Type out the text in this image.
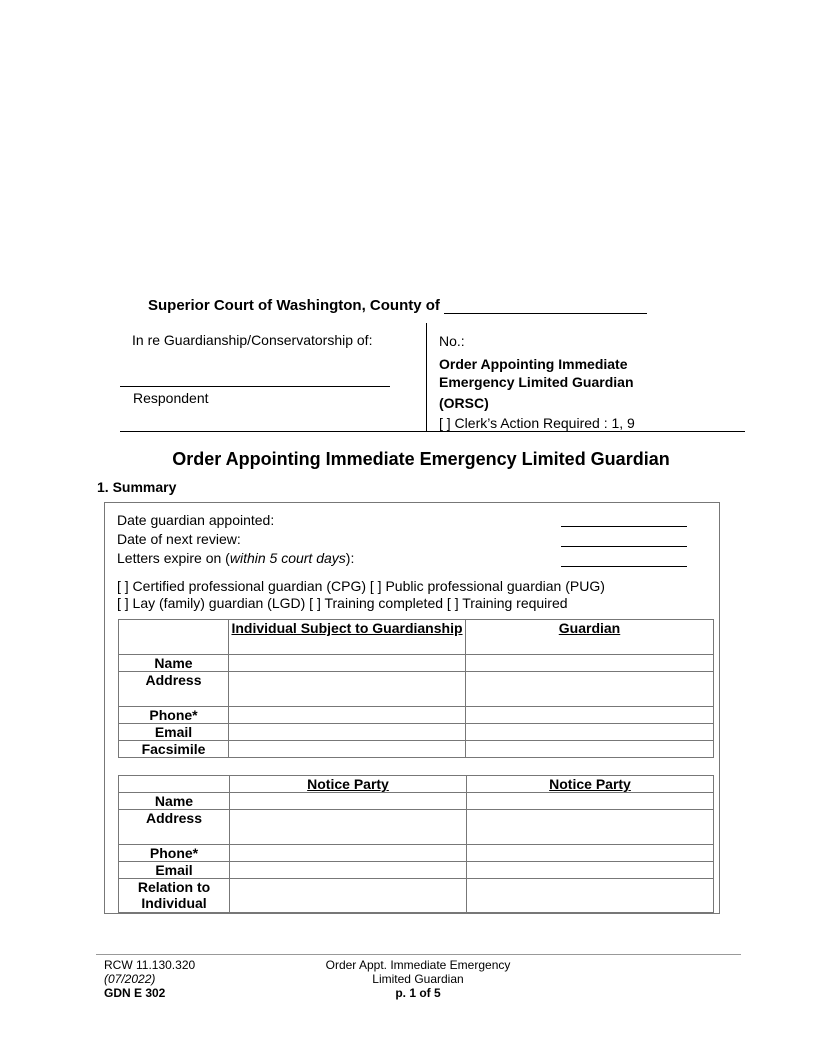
Superior Court of Washington, County of
In re Guardianship/Conservatorship of:
Respondent
No.:
Order Appointing Immediate
Emergency Limited Guardian
(ORSC)
[ ] Clerk’s Action Required : 1, 9
Order Appointing Immediate Emergency Limited Guardian
1. Summary
Date guardian appointed:
Date of next review:
Letters expire on (within 5 court days):
[ ] Certified professional guardian (CPG) [ ] Public professional guardian (PUG)
[ ] Lay (family) guardian (LGD) [ ] Training completed [ ] Training required
	Individual Subject to Guardianship	Guardian
Name		
Address		
Phone*		
Email		
Facsimile		
	Notice Party	Notice Party
Name		
Address		
Phone*		
Email		
Relation to Individual		
RCW 11.130.320
(07/2022)
GDN E 302
Order Appt. Immediate Emergency
Limited Guardian
p. 1 of 5
